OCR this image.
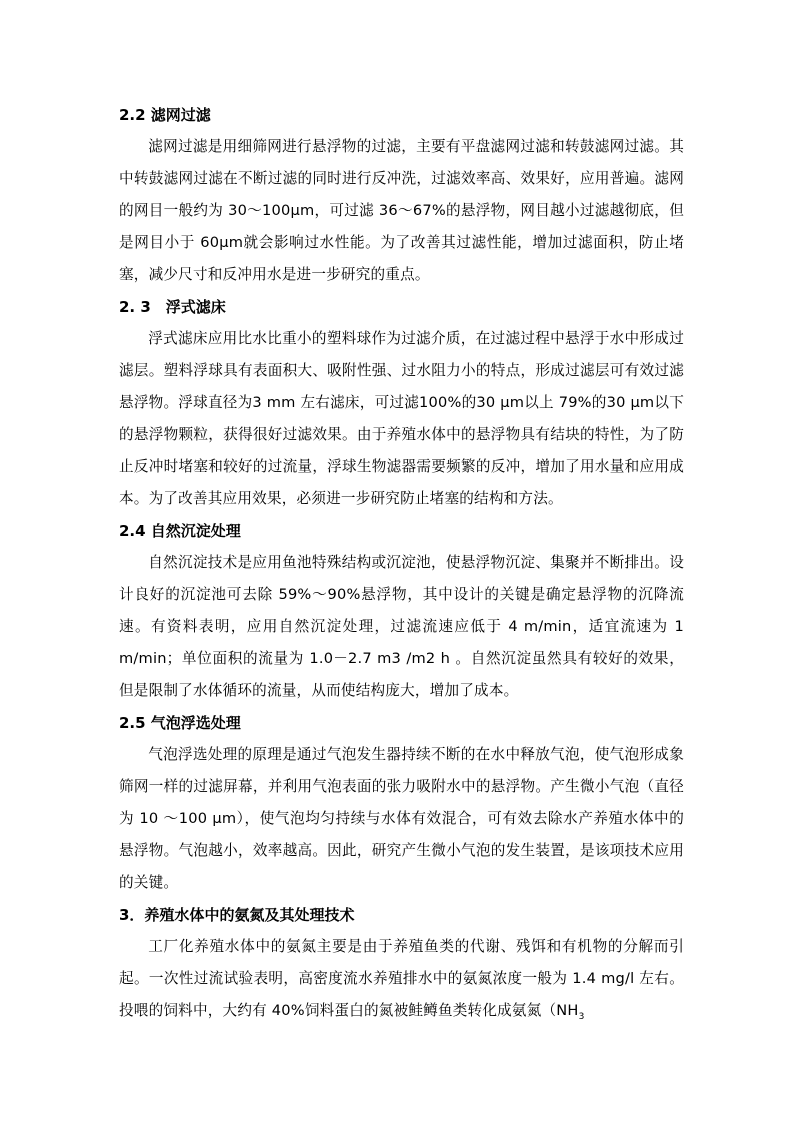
2.2 滤网过滤

滤网过滤是用细筛网进行悬浮物的过滤，主要有平盘滤网过滤和转鼓滤网过滤。其中转鼓滤网过滤在不断过滤的同时进行反冲洗，过滤效率高、效果好，应用普遍。滤网的网目一般约为 30～100μm，可过滤 36～67%的悬浮物，网目越小过滤越彻底，但是网目小于 60μm就会影响过水性能。为了改善其过滤性能，增加过滤面积，防止堵塞，减少尺寸和反冲用水是进一步研究的重点。

2. 3　浮式滤床

浮式滤床应用比水比重小的塑料球作为过滤介质，在过滤过程中悬浮于水中形成过滤层。塑料浮球具有表面积大、吸附性强、过水阻力小的特点，形成过滤层可有效过滤悬浮物。浮球直径为3 mm 左右滤床，可过滤100%的30 μm以上 79%的30 μm以下的悬浮物颗粒，获得很好过滤效果。由于养殖水体中的悬浮物具有结块的特性，为了防止反冲时堵塞和较好的过流量，浮球生物滤器需要频繁的反冲，增加了用水量和应用成本。为了改善其应用效果，必须进一步研究防止堵塞的结构和方法。

2.4 自然沉淀处理

自然沉淀技术是应用鱼池特殊结构或沉淀池，使悬浮物沉淀、集聚并不断排出。设计良好的沉淀池可去除 59%～90%悬浮物，其中设计的关键是确定悬浮物的沉降流速。有资料表明，应用自然沉淀处理，过滤流速应低于 4 m/min，适宜流速为 1 m/min；单位面积的流量为 1.0－2.7 m3 /m2 h 。自然沉淀虽然具有较好的效果，但是限制了水体循环的流量，从而使结构庞大，增加了成本。

2.5 气泡浮选处理

气泡浮选处理的原理是通过气泡发生器持续不断的在水中释放气泡，使气泡形成象筛网一样的过滤屏幕，并利用气泡表面的张力吸附水中的悬浮物。产生微小气泡（直径为 10 ～100 μm），使气泡均匀持续与水体有效混合，可有效去除水产养殖水体中的悬浮物。气泡越小，效率越高。因此，研究产生微小气泡的发生装置，是该项技术应用的关键。

3．养殖水体中的氨氮及其处理技术

工厂化养殖水体中的氨氮主要是由于养殖鱼类的代谢、残饵和有机物的分解而引起。一次性过流试验表明，高密度流水养殖排水中的氨氮浓度一般为 1.4 mg/l 左右。投喂的饲料中，大约有 40%饲料蛋白的氮被鲑鳟鱼类转化成氨氮（$NH_3$
